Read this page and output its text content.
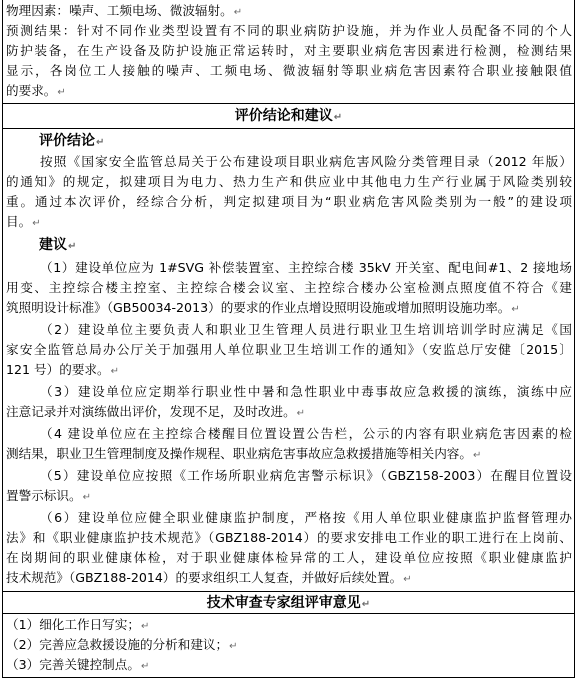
物理因素：噪声、工频电场、微波辐射。↵
预测结果：针对不同作业类型设置有不同的职业病防护设施，并为作业人员配备不同的个人
防护装备，在生产设备及防护设施正常运转时，对主要职业病危害因素进行检测，检测结果
显示，各岗位工人接触的噪声、工频电场、微波辐射等职业病危害因素符合职业接触限值
的要求。↵
评价结论和建议↵
评价结论↵
按照《国家安全监管总局关于公布建设项目职业病危害风险分类管理目录（2012 年版）
的通知》的规定，拟建项目为电力、热力生产和供应业中其他电力生产行业属于风险类别较
重。通过本次评价，经综合分析，判定拟建项目为“职业病危害风险类别为一般”的建设项
目。↵
建议↵
（1）建设单位应为 1#SVG 补偿装置室、主控综合楼 35kV 开关室、配电间#1、2 接地场
用变、主控综合楼主控室、主控综合楼会议室、主控综合楼办公室检测点照度值不符合《建
筑照明设计标准》（GB50034-2013）的要求的作业点增设照明设施或增加照明设施功率。↵
（2）建设单位主要负责人和职业卫生管理人员进行职业卫生培训培训学时应满足《国
家安全监管总局办公厅关于加强用人单位职业卫生培训工作的通知》（安监总厅安健〔2015〕
121 号）的要求。↵
（3）建设单位应定期举行职业性中暑和急性职业中毒事故应急救援的演练，演练中应
注意记录并对演练做出评价，发现不足，及时改进。↵
（4 建设单位应在主控综合楼醒目位置设置公告栏，公示的内容有职业病危害因素的检
测结果，职业卫生管理制度及操作规程、职业病危害事故应急救援措施等相关内容。↵
（5）建设单位应按照《工作场所职业病危害警示标识》（GBZ158-2003）在醒目位置设
置警示标识。↵
（6）建设单位应健全职业健康监护制度，严格按《用人单位职业健康监护监督管理办
法》和《职业健康监护技术规范》（GBZ188-2014）的要求安排电工作业的职工进行在上岗前、
在岗期间的职业健康体检，对于职业健康体检异常的工人，建设单位应按照《职业健康监护
技术规范》（GBZ188-2014）的要求组织工人复查，并做好后续处置。↵
技术审查专家组评审意见↵
（1）细化工作日写实；↵
（2）完善应急救援设施的分析和建议；↵
（3）完善关键控制点。↵
